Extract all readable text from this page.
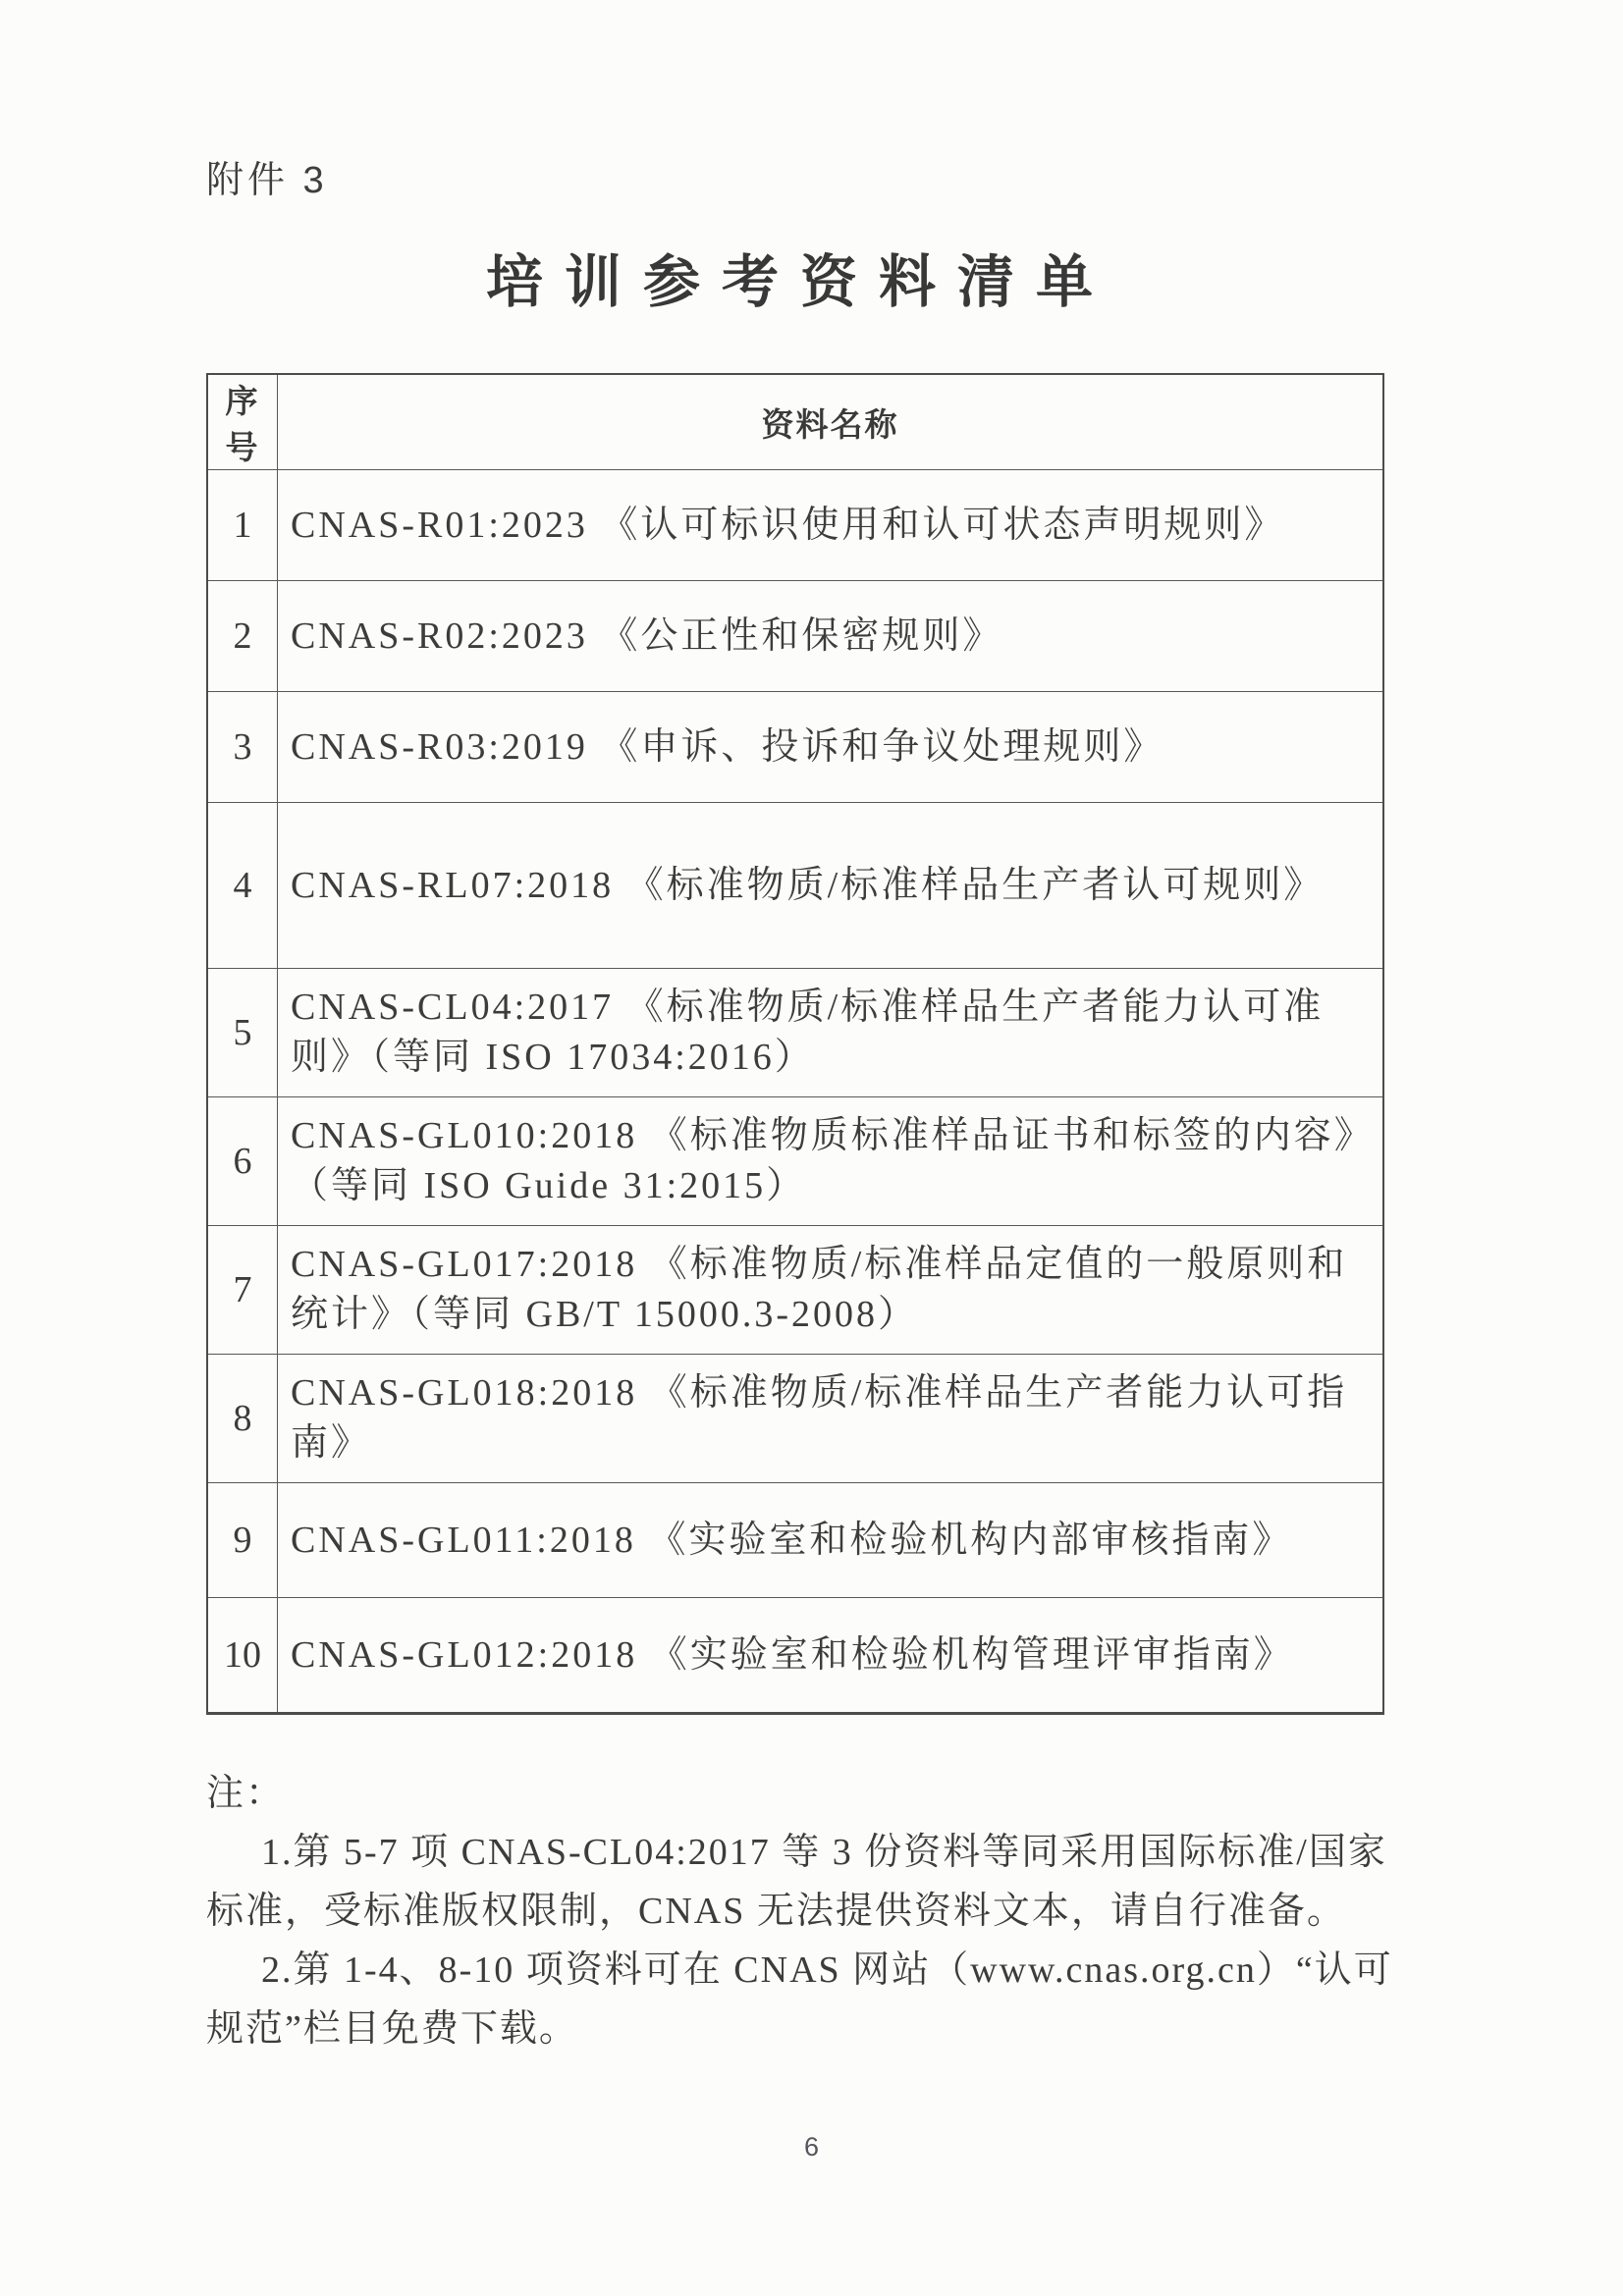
附件 3
培训参考资料清单
序号	资料名称
1	CNAS-R01:2023 《认可标识使用和认可状态声明规则》
2	CNAS-R02:2023 《公正性和保密规则》
3	CNAS-R03:2019 《申诉、投诉和争议处理规则》
4	CNAS-RL07:2018 《标准物质/标准样品生产者认可规则》
5	CNAS-CL04:2017 《标准物质/标准样品生产者能力认可准则》（等同 ISO 17034:2016）
6	CNAS-GL010:2018 《标准物质标准样品证书和标签的内容》（等同 ISO Guide 31:2015）
7	CNAS-GL017:2018 《标准物质/标准样品定值的一般原则和统计》（等同 GB/T 15000.3-2008）
8	CNAS-GL018:2018 《标准物质/标准样品生产者能力认可指南》
9	CNAS-GL011:2018 《实验室和检验机构内部审核指南》
10	CNAS-GL012:2018 《实验室和检验机构管理评审指南》

注：

1.第 5-7 项 CNAS-CL04:2017 等 3 份资料等同采用国际标准/国家标准，受标准版权限制，CNAS 无法提供资料文本，请自行准备。

2.第 1-4、8-10 项资料可在 CNAS 网站（www.cnas.org.cn）“认可规范”栏目免费下载。

6
